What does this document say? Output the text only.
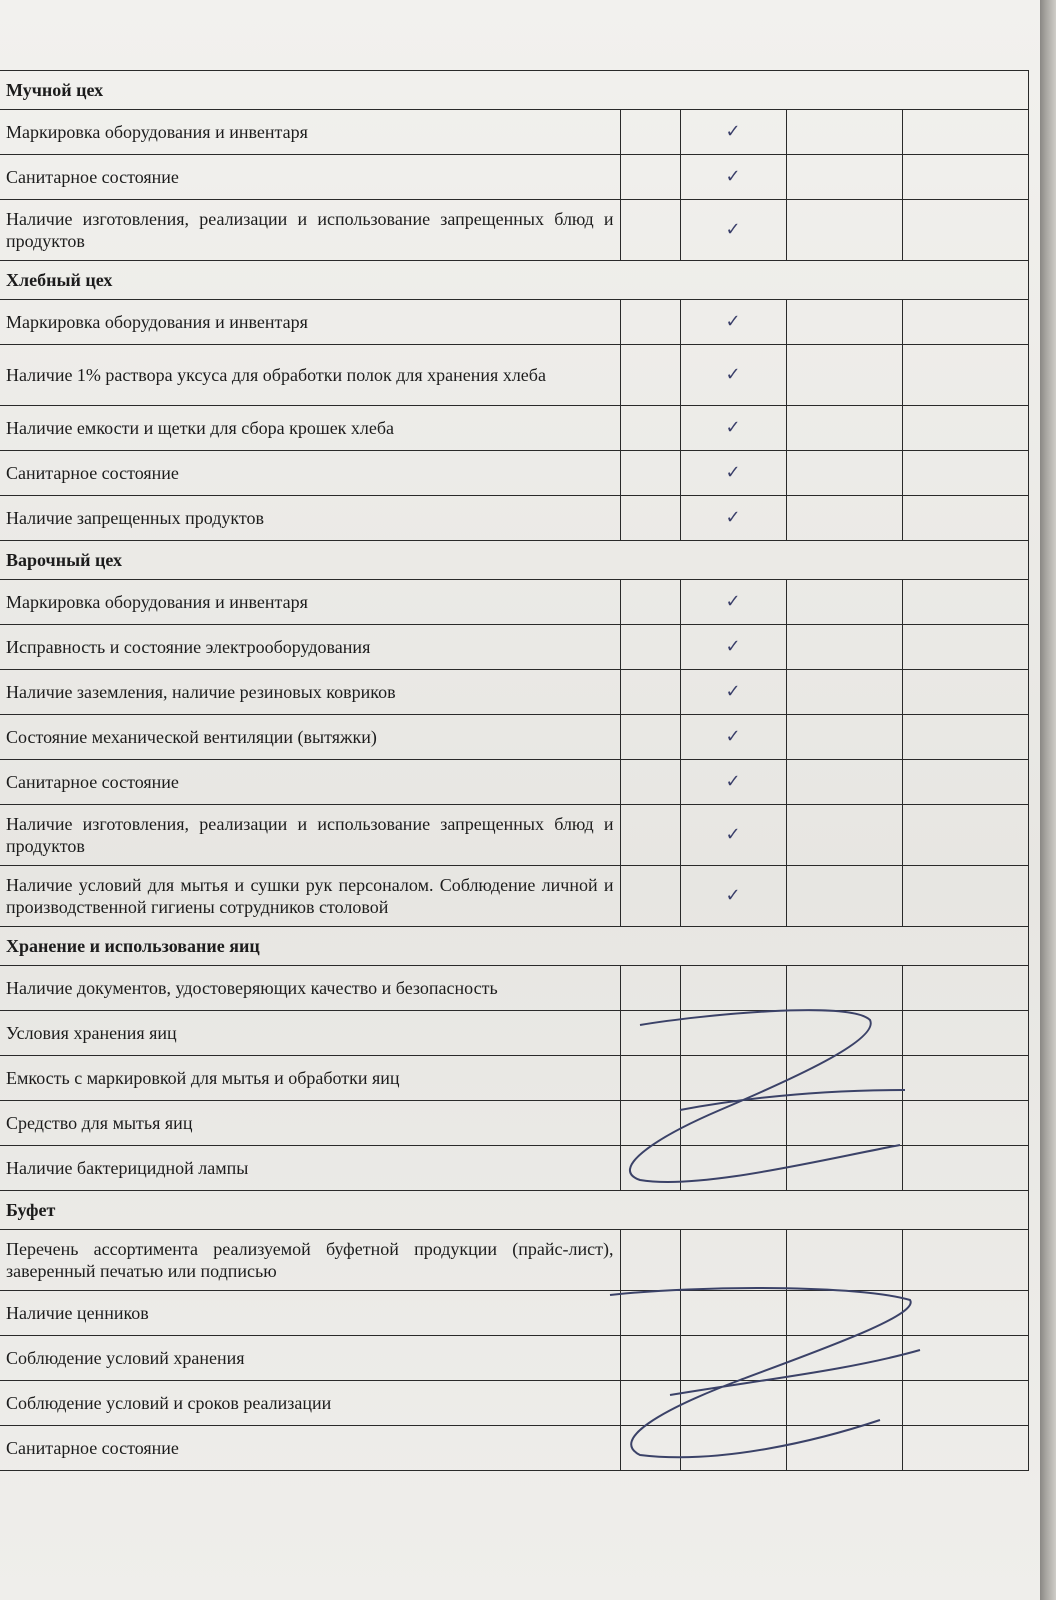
Мучной цех				
Маркировка оборудования и инвентаря		✓		
Санитарное состояние		✓		
Наличие изготовления, реализации и использование запрещенных блюд и продуктов		✓		
Хлебный цех				
Маркировка оборудования и инвентаря		✓		
Наличие 1% раствора уксуса для обработки полок для хранения хлеба		✓		
Наличие емкости и щетки для сбора крошек хлеба		✓		
Санитарное состояние		✓		
Наличие запрещенных продуктов		✓		
Варочный цех				
Маркировка оборудования и инвентаря		✓		
Исправность и состояние электрооборудования		✓		
Наличие заземления, наличие резиновых ковриков		✓		
Состояние механической вентиляции (вытяжки)		✓		
Санитарное состояние		✓		
Наличие изготовления, реализации и использование запрещенных блюд и продуктов		✓		
Наличие условий для мытья и сушки рук персоналом. Соблюдение личной и производственной гигиены сотрудников столовой		✓		
Хранение и использование яиц				
Наличие документов, удостоверяющих качество и безопасность				
Условия хранения яиц				
Емкость с маркировкой для мытья и обработки яиц				
Средство для мытья яиц				
Наличие бактерицидной лампы				
Буфет				
Перечень ассортимента реализуемой буфетной продукции (прайс-лист), заверенный печатью или подписью				
Наличие ценников				
Соблюдение условий хранения				
Соблюдение условий и сроков реализации				
Санитарное состояние				
